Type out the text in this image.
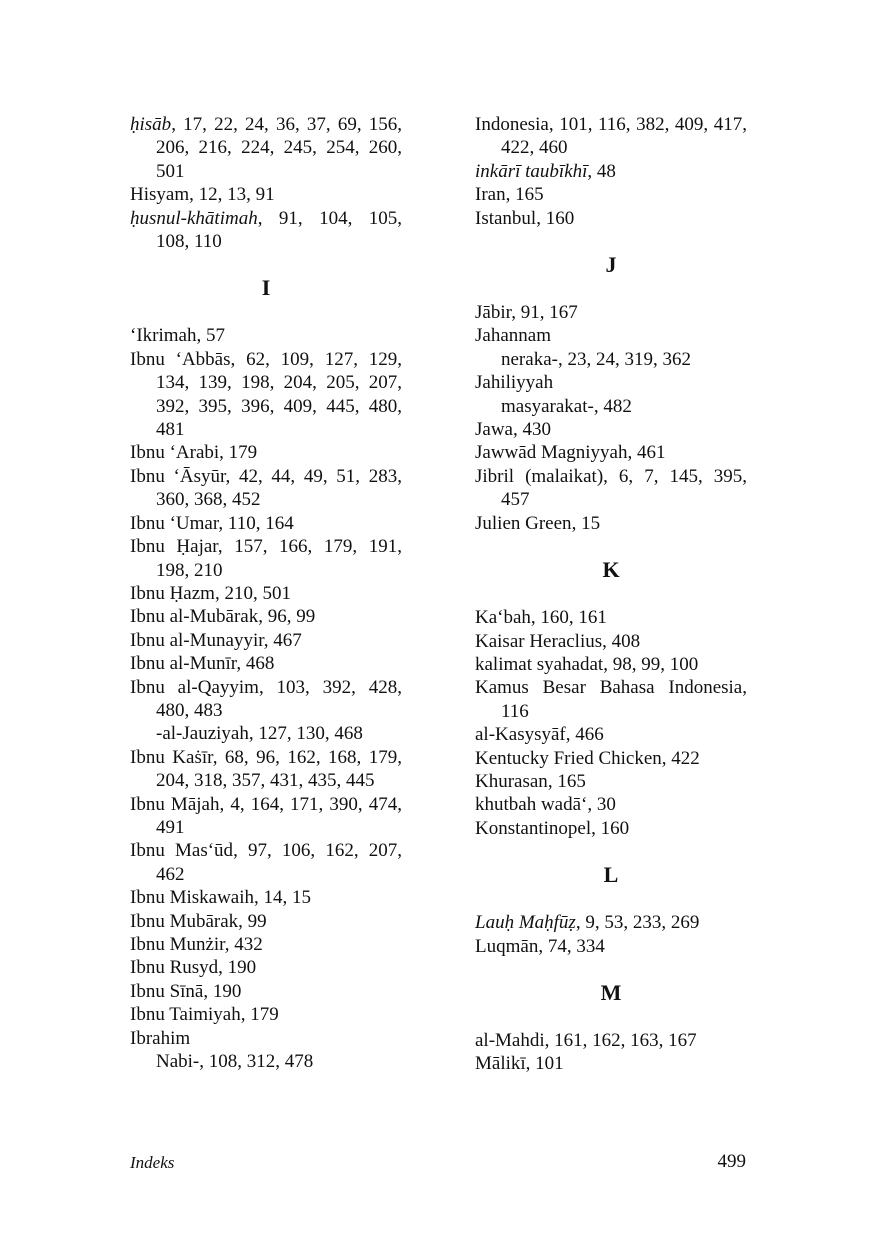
ḥisāb, 17, 22, 24, 36, 37, 69, 156, 206, 216, 224, 245, 254, 260, 501
Hisyam, 12, 13, 91
ḥusnul-khātimah, 91, 104, 105, 108, 110
I
‘Ikrimah, 57
Ibnu ‘Abbās, 62, 109, 127, 129, 134, 139, 198, 204, 205, 207, 392, 395, 396, 409, 445, 480, 481
Ibnu ‘Arabi, 179
Ibnu ‘Āsyūr, 42, 44, 49, 51, 283, 360, 368, 452
Ibnu ‘Umar, 110, 164
Ibnu Ḥajar, 157, 166, 179, 191, 198, 210
Ibnu Ḥazm, 210, 501
Ibnu al-Mubārak, 96, 99
Ibnu al-Munayyir, 467
Ibnu al-Munīr, 468
Ibnu al-Qayyim, 103, 392, 428, 480, 483
-al-Jauziyah, 127, 130, 468
Ibnu Kaṡīr, 68, 96, 162, 168, 179, 204, 318, 357, 431, 435, 445
Ibnu Mājah, 4, 164, 171, 390, 474, 491
Ibnu Mas‘ūd, 97, 106, 162, 207, 462
Ibnu Miskawaih, 14, 15
Ibnu Mubārak, 99
Ibnu Munżir, 432
Ibnu Rusyd, 190
Ibnu Sīnā, 190
Ibnu Taimiyah, 179
Ibrahim
Nabi-, 108, 312, 478
Indonesia, 101, 116, 382, 409, 417, 422, 460
inkārī taubīkhī, 48
Iran, 165
Istanbul, 160
J
Jābir, 91, 167
Jahannam
neraka-, 23, 24, 319, 362
Jahiliyyah
masyarakat-, 482
Jawa, 430
Jawwād Magniyyah, 461
Jibril (malaikat), 6, 7, 145, 395, 457
Julien Green, 15
K
Ka‘bah, 160, 161
Kaisar Heraclius, 408
kalimat syahadat, 98, 99, 100
Kamus Besar Bahasa Indonesia, 116
al-Kasysyāf, 466
Kentucky Fried Chicken, 422
Khurasan, 165
khutbah wadā‘, 30
Konstantinopel, 160
L
Lauḥ Maḥfūẓ, 9, 53, 233, 269
Luqmān, 74, 334
M
al-Mahdi, 161, 162, 163, 167
Mālikī, 101
Indeks	499
